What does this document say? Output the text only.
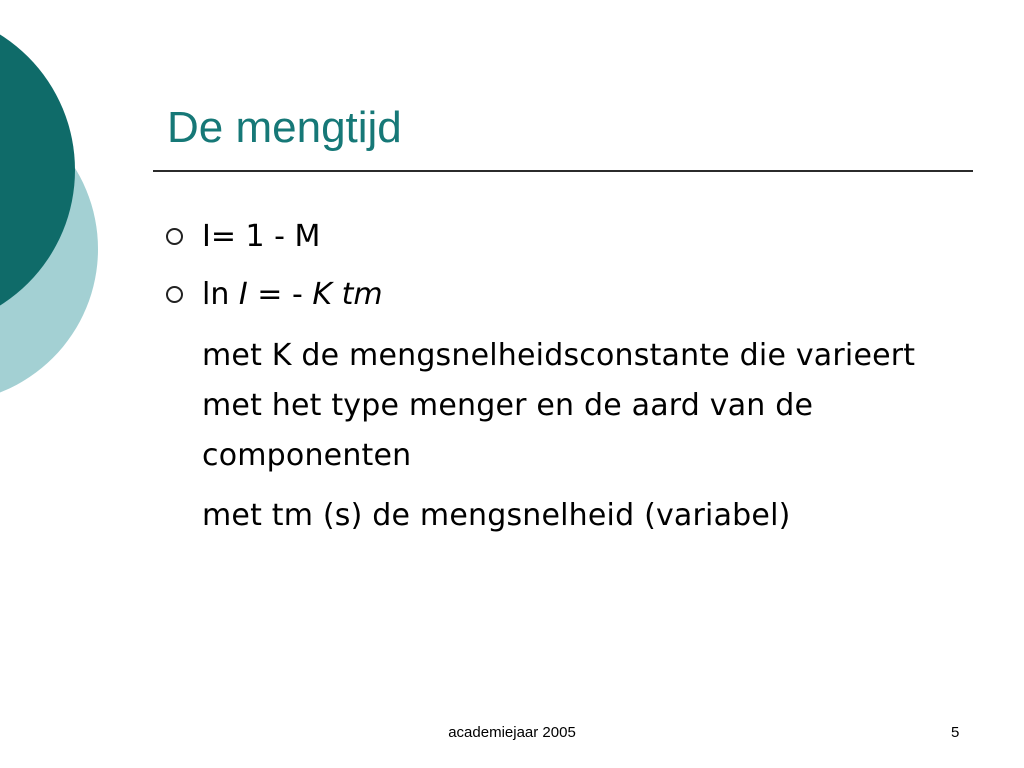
De mengtijd
I= 1 - M
ln I = - K tm
met K de mengsnelheidsconstante die varieert met het type menger en de aard van de componenten
met tm (s) de mengsnelheid (variabel)
academiejaar 2005	5
